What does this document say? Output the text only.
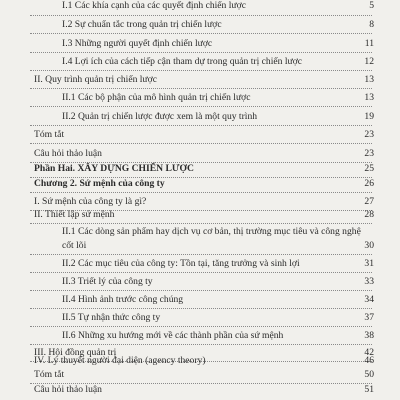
I.1 Các khía cạnh của các quyết định chiến lược	5
I.2 Sự chuẩn tắc trong quản trị chiến lược	8
I.3 Những người quyết định chiến lược	11
I.4 Lợi ích của cách tiếp cận tham dự trong quản trị chiến lược	12
II. Quy trình quản trị chiến lược	13
II.1 Các bộ phận của mô hình quản trị chiến lược	13
II.2 Quản trị chiến lược được xem là một quy trình	19
Tóm tắt	23
Câu hỏi thảo luận	23
Phần Hai. XÂY DỰNG CHIẾN LƯỢC	25
Chương 2. Sứ mệnh của công ty	26
I. Sứ mệnh của công ty là gì?	27
II. Thiết lập sứ mệnh	28
II.1 Các dòng sản phẩm hay dịch vụ cơ bản, thị trường mục tiêu và công nghệ
cốt lõi	30
II.2 Các mục tiêu của công ty: Tồn tại, tăng trưởng và sinh lợi	31
II.3 Triết lý của công ty	33
II.4 Hình ảnh trước công chúng	34
II.5 Tự nhận thức công ty	37
II.6 Những xu hướng mới về các thành phần của sứ mệnh	38
III. Hội đồng quản trị	42
IV. Lý thuyết người đại diện (agency theory)	46
Tóm tắt	50
Câu hỏi thảo luận	51
